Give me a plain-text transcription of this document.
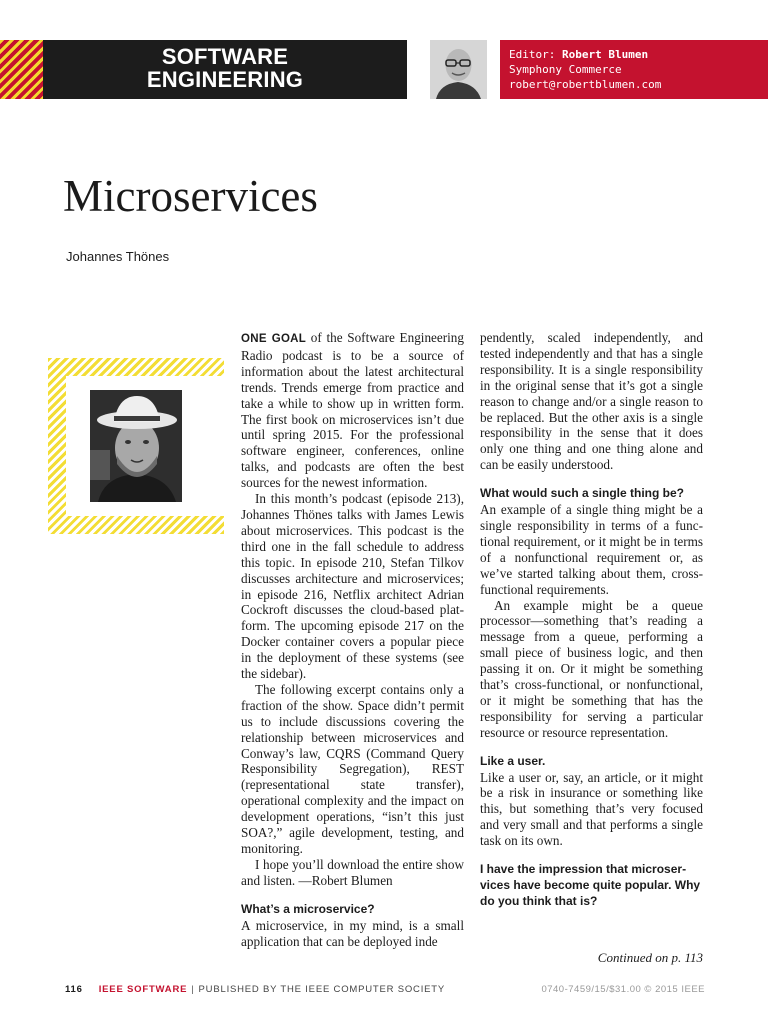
SOFTWARE
ENGINEERING
Editor: Robert Blumen
Symphony Commerce
robert@robertblumen.com
Microservices
Johannes Thönes

ONE GOAL of the Software Engineering Radio podcast is to be a source of information about the latest architectural trends. Trends emerge from practice and take a while to show up in written form. The first book on microservices isn’t due until spring 2015. For the professional software engineer, conferences, online talks, and podcasts are often the best sources for the newest information.

In this month’s podcast (episode 213), Johannes Thönes talks with James Lewis about microservices. This podcast is the third one in the fall schedule to address this topic. In episode 210, Stefan Tilkov discusses architecture and microservices; in episode 216, Netflix architect Adrian Cockroft discusses the cloud-based platform. The upcoming episode 217 on the Docker container covers a popular piece in the deployment of these systems (see the sidebar).

The following excerpt contains only a fraction of the show. Space didn’t permit us to include discussions covering the relationship between microservices and Conway’s law, CQRS (Command Query Responsibility Segregation), REST (representational state transfer), operational complexity and the impact on development operations, “isn’t this just SOA?,” agile development, testing, and monitoring.

I hope you’ll download the entire show and listen. —Robert Blumen

What’s a microservice?

A microservice, in my mind, is a small application that can be deployed inde

pendently, scaled independently, and tested independently and that has a single responsibility. It is a single responsibility in the original sense that it’s got a single reason to change and/or a single reason to be replaced. But the other axis is a single responsibility in the sense that it does only one thing and one thing alone and can be easily understood.

What would such a single thing be?

An example of a single thing might be a single responsibility in terms of a functional requirement, or it might be in terms of a nonfunctional requirement or, as we’ve started talking about them, cross-functional requirements.

An example might be a queue processor—something that’s reading a message from a queue, performing a small piece of business logic, and then passing it on. Or it might be something that’s cross-functional, or nonfunctional, or it might be something that has the responsibility for serving a particular resource or resource representation.

Like a user.

Like a user or, say, an article, or it might be a risk in insurance or something like this, but something that’s very focused and very small and that performs a single task on its own.

I have the impression that microservices have become quite popular. Why do you think that is?

Continued on p. 113
116 IEEE SOFTWARE | PUBLISHED BY THE IEEE COMPUTER SOCIETY	0740-7459/15/$31.00 © 2015 IEEE
